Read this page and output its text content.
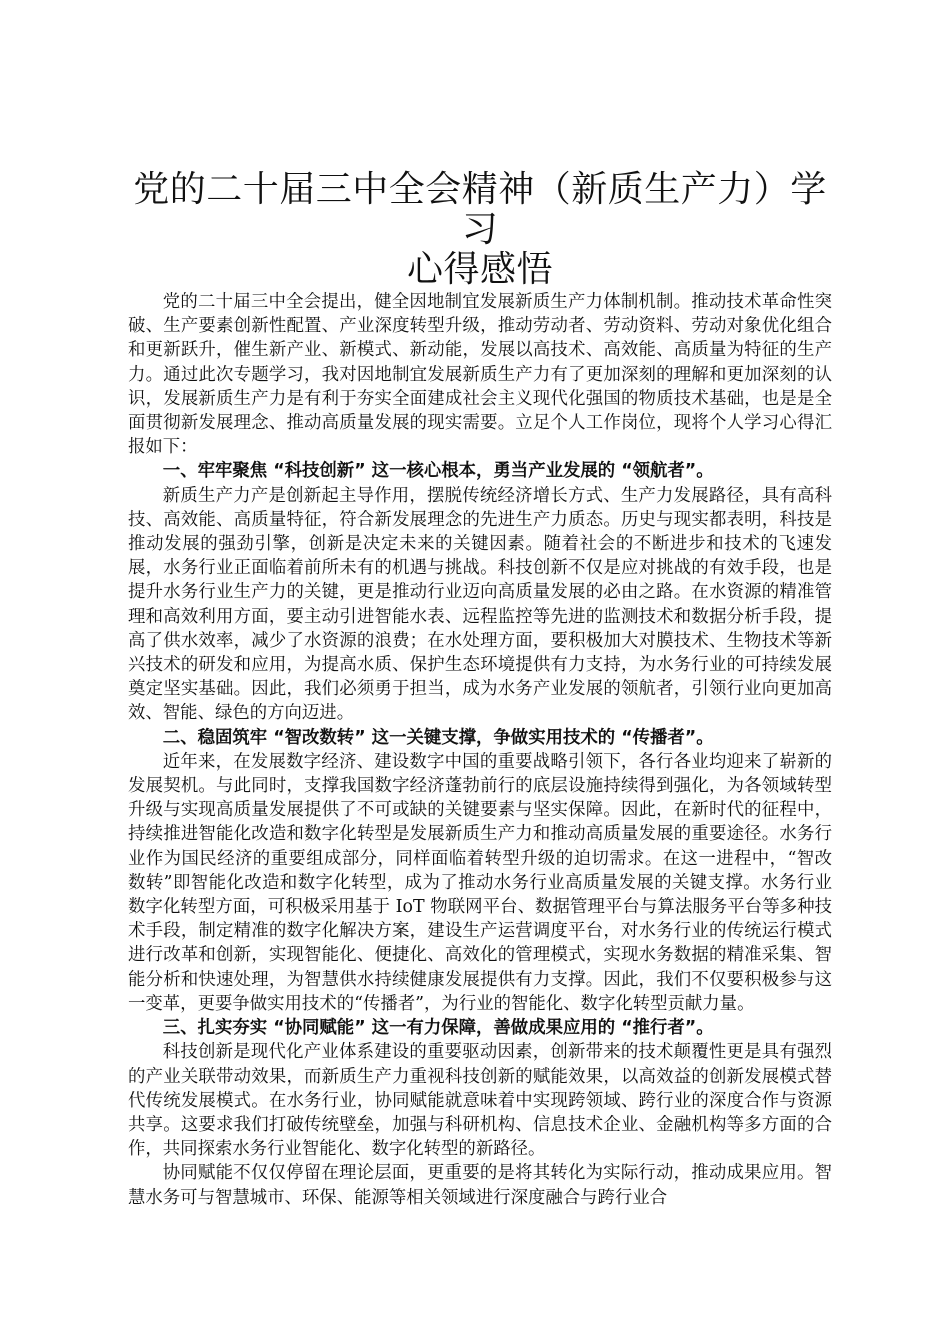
党的二十届三中全会精神（新质生产力）学习
心得感悟

党的二十届三中全会提出，健全因地制宜发展新质生产力体制机制。推动技术革命性突破、生产要素创新性配置、产业深度转型升级，推动劳动者、劳动资料、劳动对象优化组合和更新跃升，催生新产业、新模式、新动能，发展以高技术、高效能、高质量为特征的生产力。通过此次专题学习，我对因地制宜发展新质生产力有了更加深刻的理解和更加深刻的认识，发展新质生产力是有利于夯实全面建成社会主义现代化强国的物质技术基础，也是是全面贯彻新发展理念、推动高质量发展的现实需要。立足个人工作岗位，现将个人学习心得汇报如下：

一、牢牢聚焦 “科技创新” 这一核心根本，勇当产业发展的 “领航者”。

新质生产力产是创新起主导作用，摆脱传统经济增长方式、生产力发展路径，具有高科技、高效能、高质量特征，符合新发展理念的先进生产力质态。历史与现实都表明，科技是推动发展的强劲引擎，创新是决定未来的关键因素。随着社会的不断进步和技术的飞速发展，水务行业正面临着前所未有的机遇与挑战。科技创新不仅是应对挑战的有效手段，也是提升水务行业生产力的关键，更是推动行业迈向高质量发展的必由之路。在水资源的精准管理和高效利用方面，要主动引进智能水表、远程监控等先进的监测技术和数据分析手段，提高了供水效率，减少了水资源的浪费；在水处理方面，要积极加大对膜技术、生物技术等新兴技术的研发和应用，为提高水质、保护生态环境提供有力支持，为水务行业的可持续发展奠定坚实基础。因此，我们必须勇于担当，成为水务产业发展的领航者，引领行业向更加高效、智能、绿色的方向迈进。

二、稳固筑牢 “智改数转” 这一关键支撑，争做实用技术的 “传播者”。

近年来，在发展数字经济、建设数字中国的重要战略引领下，各行各业均迎来了崭新的发展契机。与此同时，支撑我国数字经济蓬勃前行的底层设施持续得到强化，为各领域转型升级与实现高质量发展提供了不可或缺的关键要素与坚实保障。因此，在新时代的征程中，持续推进智能化改造和数字化转型是发展新质生产力和推动高质量发展的重要途径。水务行业作为国民经济的重要组成部分，同样面临着转型升级的迫切需求。在这一进程中，“智改数转”即智能化改造和数字化转型，成为了推动水务行业高质量发展的关键支撑。水务行业数字化转型方面，可积极采用基于 IoT 物联网平台、数据管理平台与算法服务平台等多种技术手段，制定精准的数字化解决方案，建设生产运营调度平台，对水务行业的传统运行模式进行改革和创新，实现智能化、便捷化、高效化的管理模式，实现水务数据的精准采集、智能分析和快速处理，为智慧供水持续健康发展提供有力支撑。因此，我们不仅要积极参与这一变革，更要争做实用技术的“传播者”，为行业的智能化、数字化转型贡献力量。

三、扎实夯实 “协同赋能” 这一有力保障，善做成果应用的 “推行者”。

科技创新是现代化产业体系建设的重要驱动因素，创新带来的技术颠覆性更是具有强烈的产业关联带动效果，而新质生产力重视科技创新的赋能效果，以高效益的创新发展模式替代传统发展模式。在水务行业，协同赋能就意味着中实现跨领域、跨行业的深度合作与资源共享。这要求我们打破传统壁垒，加强与科研机构、信息技术企业、金融机构等多方面的合作，共同探索水务行业智能化、数字化转型的新路径。

协同赋能不仅仅停留在理论层面，更重要的是将其转化为实际行动，推动成果应用。智慧水务可与智慧城市、环保、能源等相关领域进行深度融合与跨行业合
